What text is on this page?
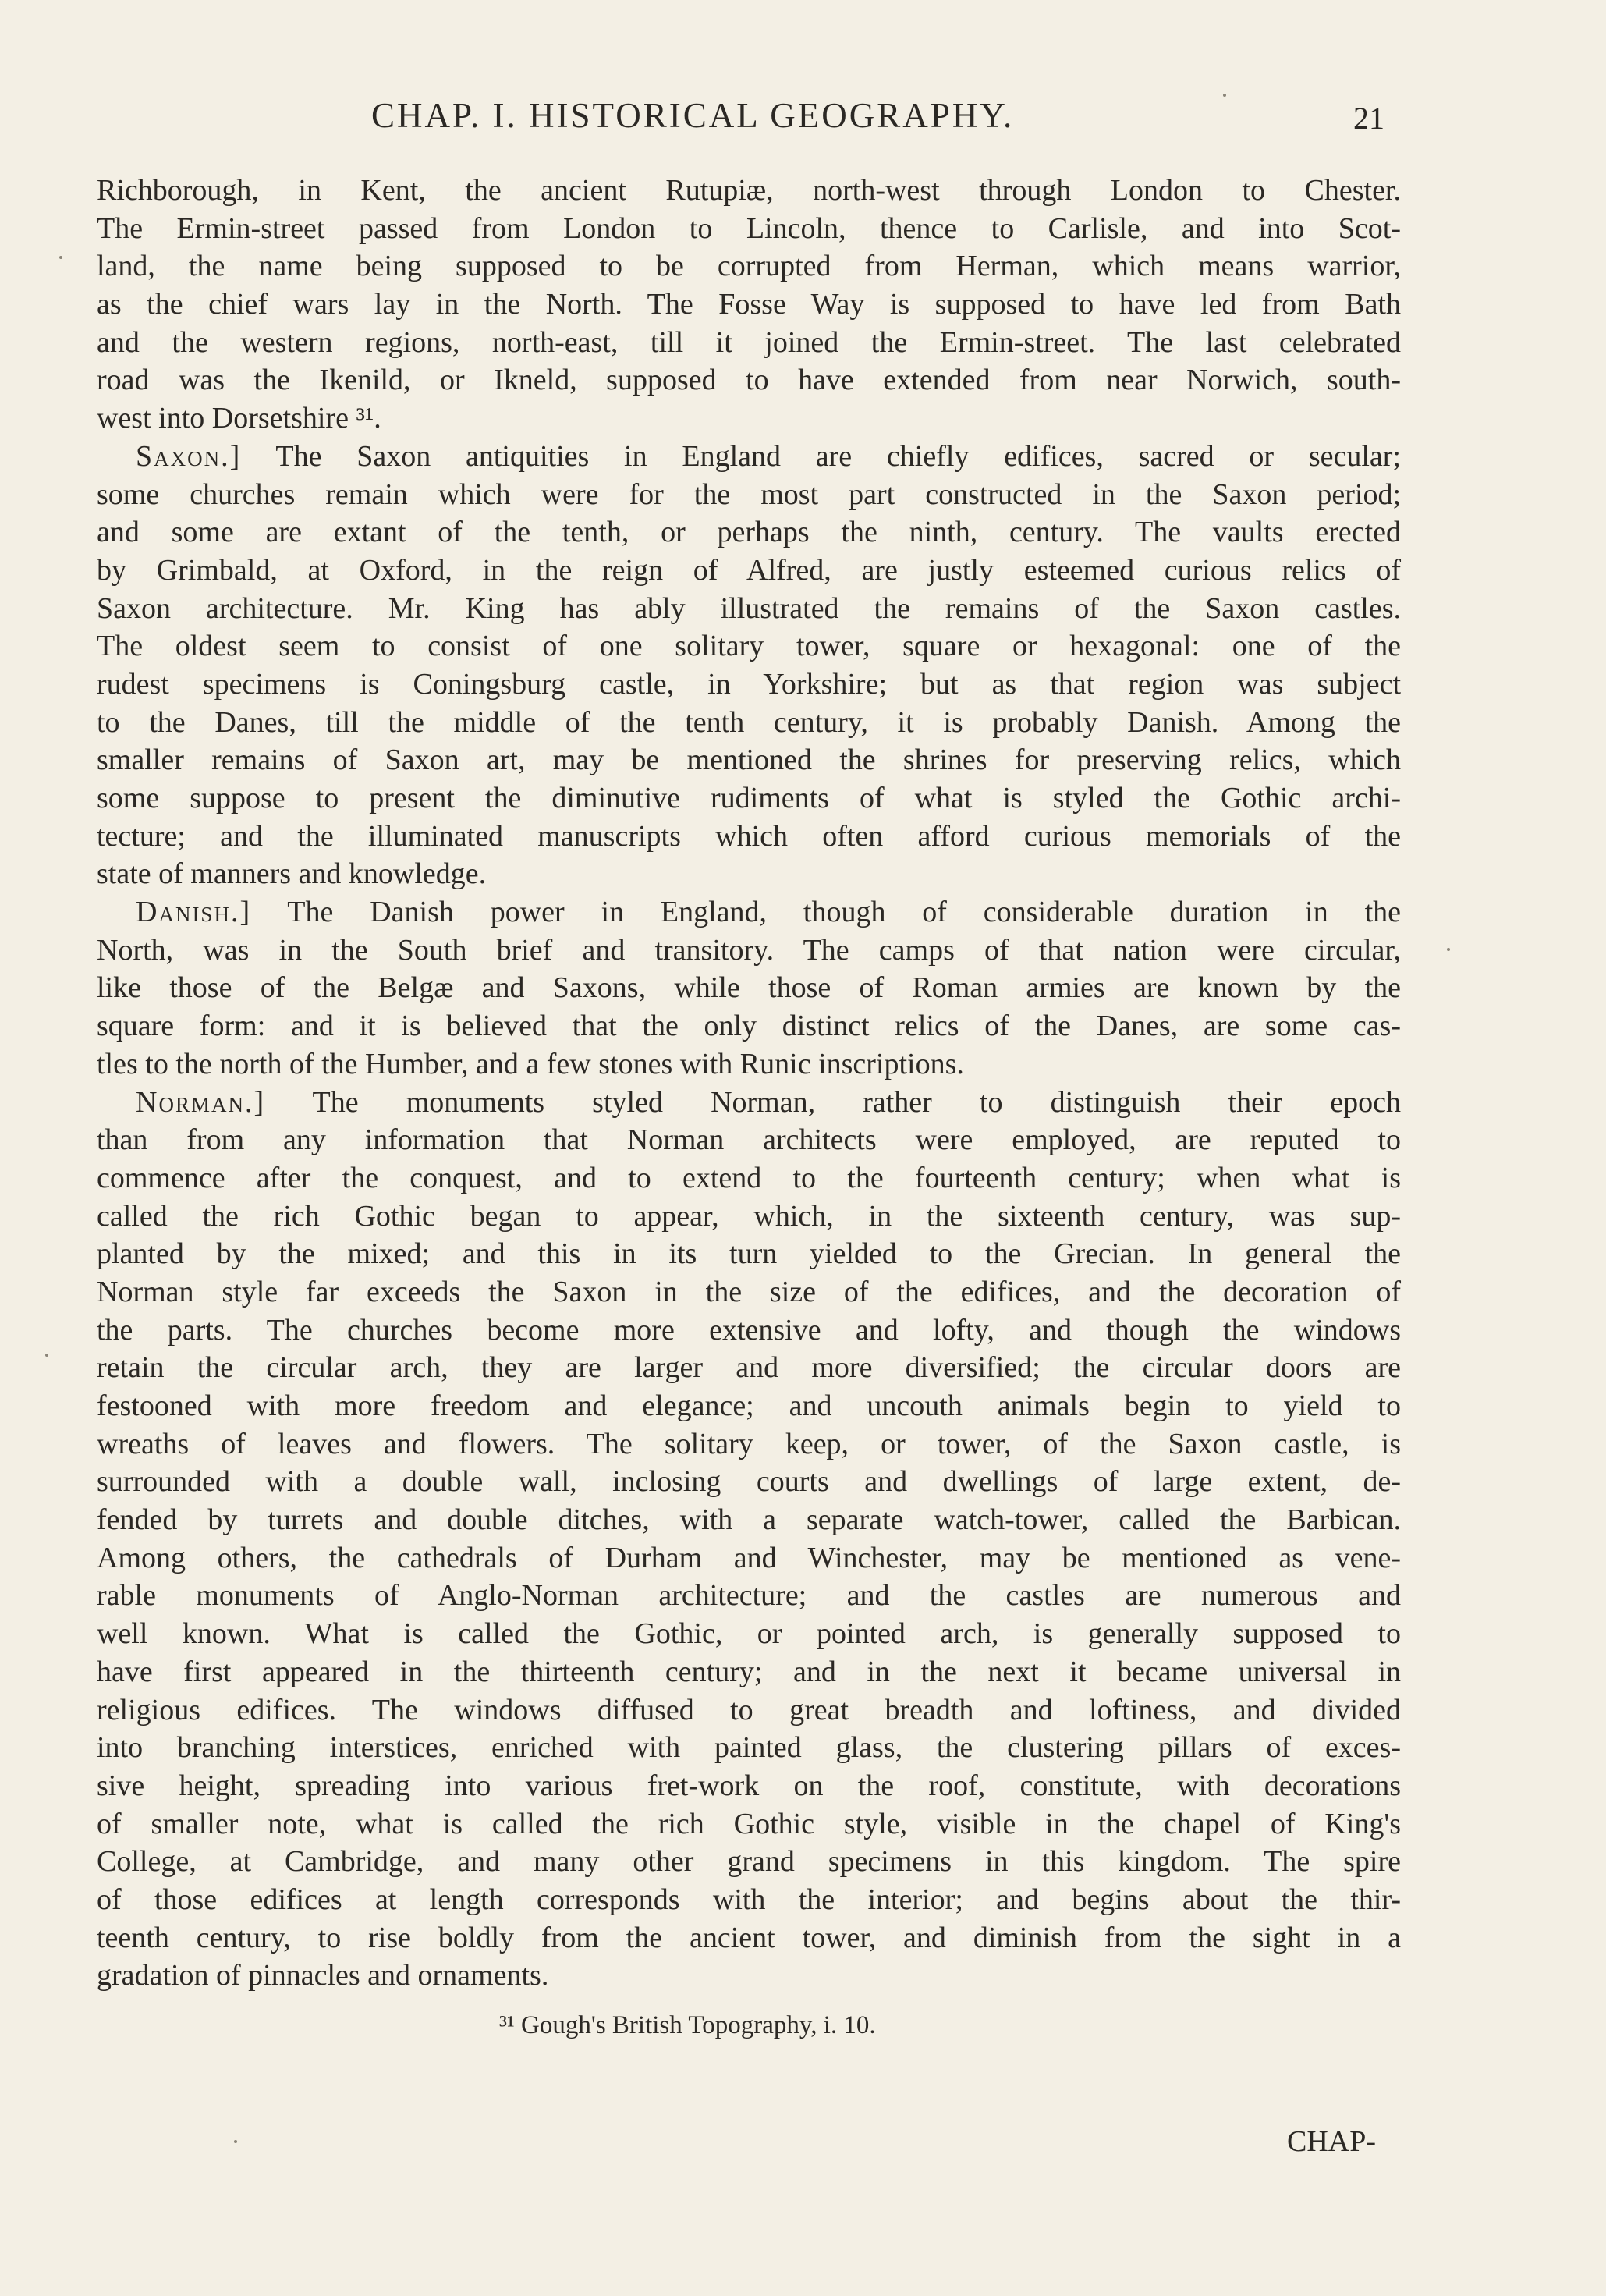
CHAP. I. HISTORICAL GEOGRAPHY.	21
Richborough, in Kent, the ancient Rutupiæ, north-west through London to Chester.
The Ermin-street passed from London to Lincoln, thence to Carlisle, and into Scot-
land, the name being supposed to be corrupted from Herman, which means warrior,
as the chief wars lay in the North. The Fosse Way is supposed to have led from Bath
and the western regions, north-east, till it joined the Ermin-street. The last celebrated
road was the Ikenild, or Ikneld, supposed to have extended from near Norwich, south-
west into Dorsetshire ³¹.
Saxon.] The Saxon antiquities in England are chiefly edifices, sacred or secular;
some churches remain which were for the most part constructed in the Saxon period;
and some are extant of the tenth, or perhaps the ninth, century. The vaults erected
by Grimbald, at Oxford, in the reign of Alfred, are justly esteemed curious relics of
Saxon architecture. Mr. King has ably illustrated the remains of the Saxon castles.
The oldest seem to consist of one solitary tower, square or hexagonal: one of the
rudest specimens is Coningsburg castle, in Yorkshire; but as that region was subject
to the Danes, till the middle of the tenth century, it is probably Danish. Among the
smaller remains of Saxon art, may be mentioned the shrines for preserving relics, which
some suppose to present the diminutive rudiments of what is styled the Gothic archi-
tecture; and the illuminated manuscripts which often afford curious memorials of the
state of manners and knowledge.
Danish.] The Danish power in England, though of considerable duration in the
North, was in the South brief and transitory. The camps of that nation were circular,
like those of the Belgæ and Saxons, while those of Roman armies are known by the
square form: and it is believed that the only distinct relics of the Danes, are some cas-
tles to the north of the Humber, and a few stones with Runic inscriptions.
Norman.] The monuments styled Norman, rather to distinguish their epoch
than from any information that Norman architects were employed, are reputed to
commence after the conquest, and to extend to the fourteenth century; when what is
called the rich Gothic began to appear, which, in the sixteenth century, was sup-
planted by the mixed; and this in its turn yielded to the Grecian. In general the
Norman style far exceeds the Saxon in the size of the edifices, and the decoration of
the parts. The churches become more extensive and lofty, and though the windows
retain the circular arch, they are larger and more diversified; the circular doors are
festooned with more freedom and elegance; and uncouth animals begin to yield to
wreaths of leaves and flowers. The solitary keep, or tower, of the Saxon castle, is
surrounded with a double wall, inclosing courts and dwellings of large extent, de-
fended by turrets and double ditches, with a separate watch-tower, called the Barbican.
Among others, the cathedrals of Durham and Winchester, may be mentioned as vene-
rable monuments of Anglo-Norman architecture; and the castles are numerous and
well known. What is called the Gothic, or pointed arch, is generally supposed to
have first appeared in the thirteenth century; and in the next it became universal in
religious edifices. The windows diffused to great breadth and loftiness, and divided
into branching interstices, enriched with painted glass, the clustering pillars of exces-
sive height, spreading into various fret-work on the roof, constitute, with decorations
of smaller note, what is called the rich Gothic style, visible in the chapel of King's
College, at Cambridge, and many other grand specimens in this kingdom. The spire
of those edifices at length corresponds with the interior; and begins about the thir-
teenth century, to rise boldly from the ancient tower, and diminish from the sight in a
gradation of pinnacles and ornaments.
³¹ Gough's British Topography, i. 10.
CHAP-
